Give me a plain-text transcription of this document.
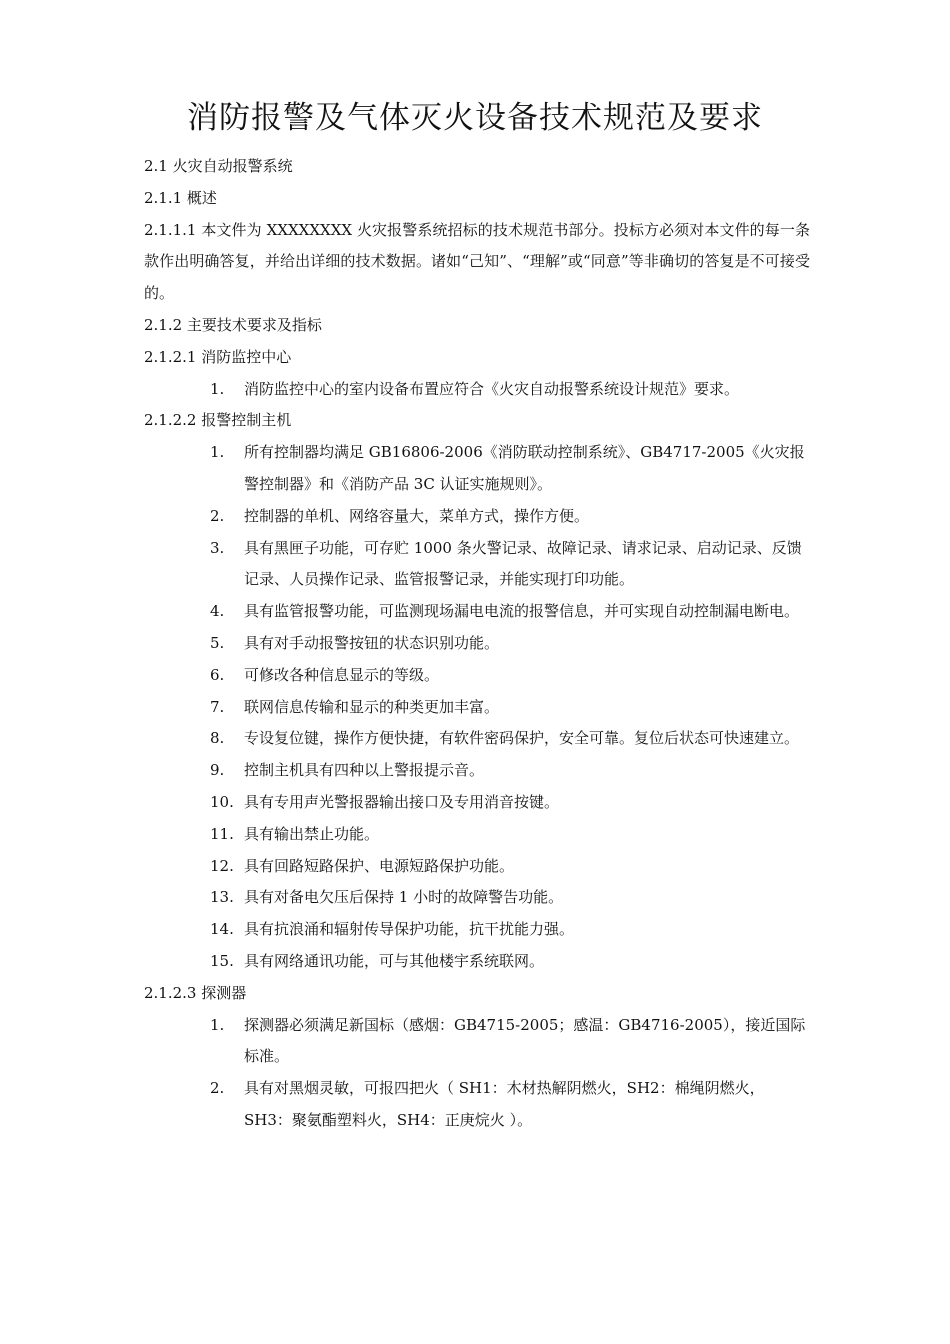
消防报警及气体灭火设备技术规范及要求
2.1 火灾自动报警系统
2.1.1 概述
2.1.1.1 本文件为 XXXXXXXX 火灾报警系统招标的技术规范书部分。投标方必须对本文件的每一条款作出明确答复，并给出详细的技术数据。诸如“己知”、“理解”或“同意”等非确切的答复是不可接受的。
2.1.2 主要技术要求及指标
2.1.2.1 消防监控中心
1.	消防监控中心的室内设备布置应符合《火灾自动报警系统设计规范》要求。
2.1.2.2 报警控制主机
1.	所有控制器均满足 GB16806-2006《消防联动控制系统》、GB4717-2005《火灾报警控制器》和《消防产品 3C 认证实施规则》。
2.	控制器的单机、网络容量大，菜单方式，操作方便。
3.	具有黑匣子功能，可存贮 1000 条火警记录、故障记录、请求记录、启动记录、反馈记录、人员操作记录、监管报警记录，并能实现打印功能。
4.	具有监管报警功能，可监测现场漏电电流的报警信息，并可实现自动控制漏电断电。
5.	具有对手动报警按钮的状态识别功能。
6.	可修改各种信息显示的等级。
7.	联网信息传输和显示的种类更加丰富。
8.	专设复位键，操作方便快捷，有软件密码保护，安全可靠。复位后状态可快速建立。
9.	控制主机具有四种以上警报提示音。
10. 具有专用声光警报器输出接口及专用消音按键。
11. 具有输出禁止功能。
12. 具有回路短路保护、电源短路保护功能。
13. 具有对备电欠压后保持 1 小时的故障警告功能。
14. 具有抗浪涌和辐射传导保护功能，抗干扰能力强。
15. 具有网络通讯功能，可与其他楼宇系统联网。
2.1.2.3 探测器
1.	探测器必须满足新国标（感烟：GB4715-2005；感温：GB4716-2005），接近国际标准。
2.	具有对黑烟灵敏，可报四把火（ SH1：木材热解阴燃火，SH2：棉绳阴燃火，SH3：聚氨酯塑料火，SH4：正庚烷火 ）。
